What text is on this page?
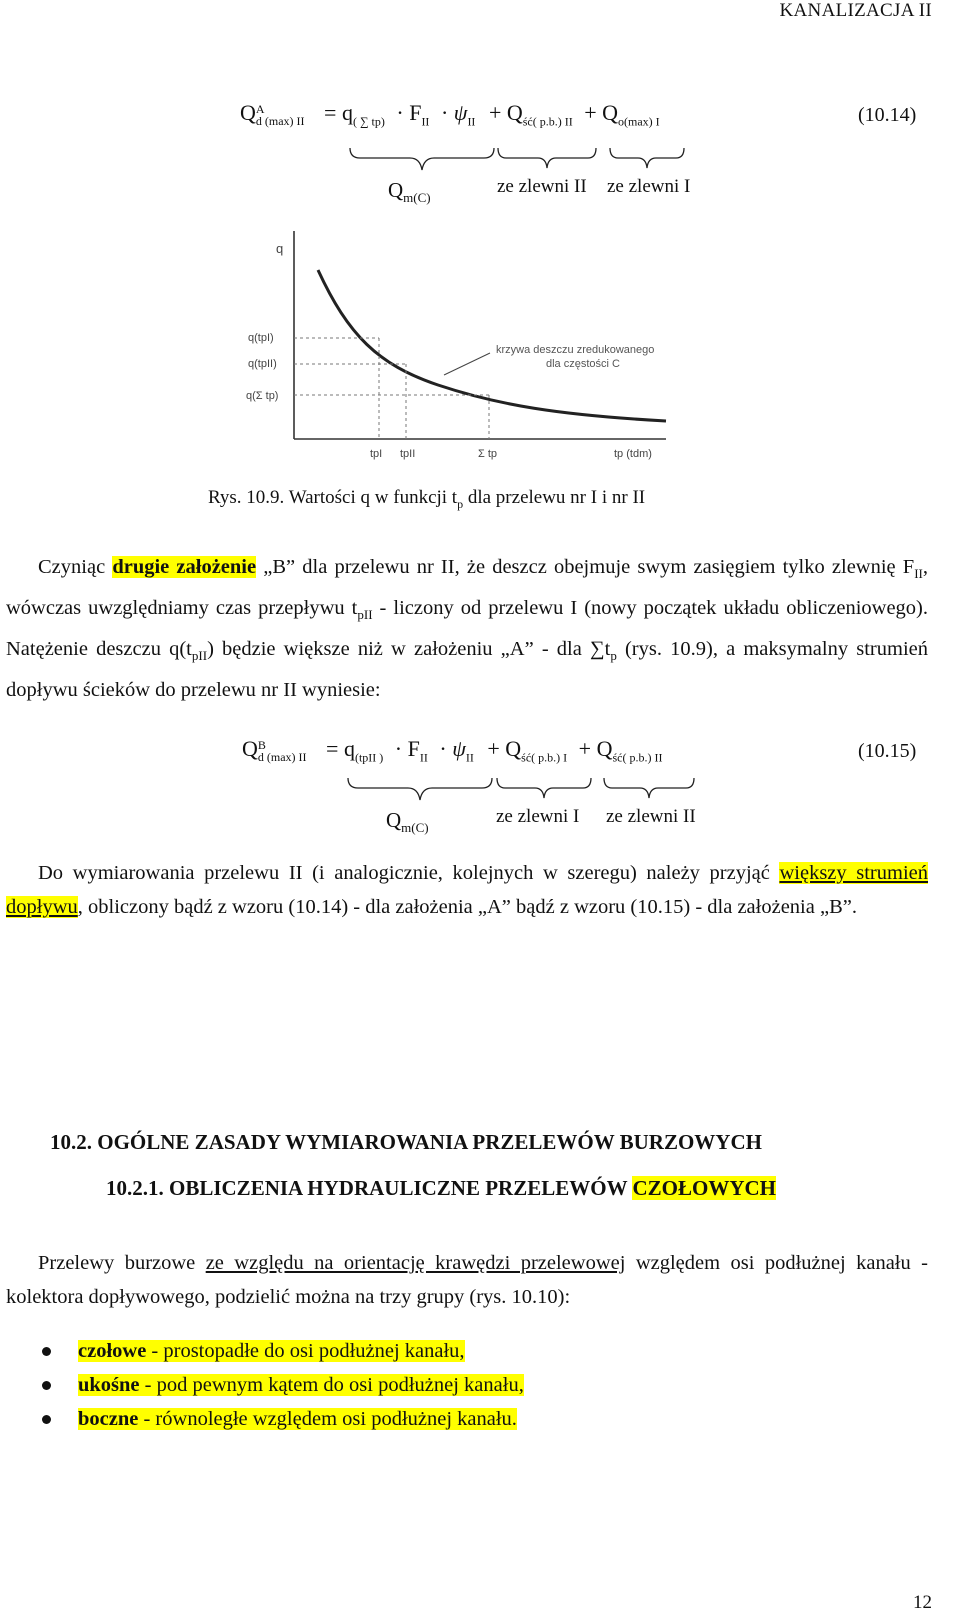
KANALIZACJA II
Q A
d (max) II = $q_{( \sum tp)} \cdot F_{II} \cdot \psi_{II} + Q_{ść( p.b.) II} + Q_{o(max) I}$	(10.14)
$Q_{m(C)}$
ze zlewni II ze zlewni I
q
q(tpI)
q(tpII)
q(Σ tp)
tpI tpII	Σ tp	tp (tdm)
krzywa deszczu zredukowanego
dla częstości C
Rys. 10.9. Wartości q w funkcji $t_p$ dla przelewu nr I i nr II

Czyniąc drugie założenie „B” dla przelewu nr II, że deszcz obejmuje swym zasięgiem tylko zlewnię $F_{II}$, wówczas uwzględniamy czas przepływu $t_{pII}$ - liczony od przelewu I (nowy początek układu obliczeniowego). Natężenie deszczu $q(t_{pII})$ będzie większe niż w założeniu „A” - dla $\sum t_p$ (rys. 10.9), a maksymalny strumień dopływu ścieków do przelewu nr II wyniesie:

Q B
d (max) II = $q_{(tpII )} \cdot F_{II} \cdot \psi_{II} + Q_{ść( p.b.) I} + Q_{ść( p.b.) II}$	(10.15)
$Q_{m(C)}$
ze zlewni I ze zlewni II

Do wymiarowania przelewu II (i analogicznie, kolejnych w szeregu) należy przyjąć większy strumień dopływu, obliczony bądź z wzoru (10.14) - dla założenia „A” bądź z wzoru (10.15) - dla założenia „B”.

10.2. OGÓLNE ZASADY WYMIAROWANIA PRZELEWÓW BURZOWYCH
10.2.1. OBLICZENIA HYDRAULICZNE PRZELEWÓW CZOŁOWYCH

Przelewy burzowe ze względu na orientację krawędzi przelewowej względem osi podłużnej kanału - kolektora dopływowego, podzielić można na trzy grupy (rys. 10.10):

czołowe - prostopadłe do osi podłużnej kanału,
ukośne - pod pewnym kątem do osi podłużnej kanału,
boczne - równoległe względem osi podłużnej kanału.
12
